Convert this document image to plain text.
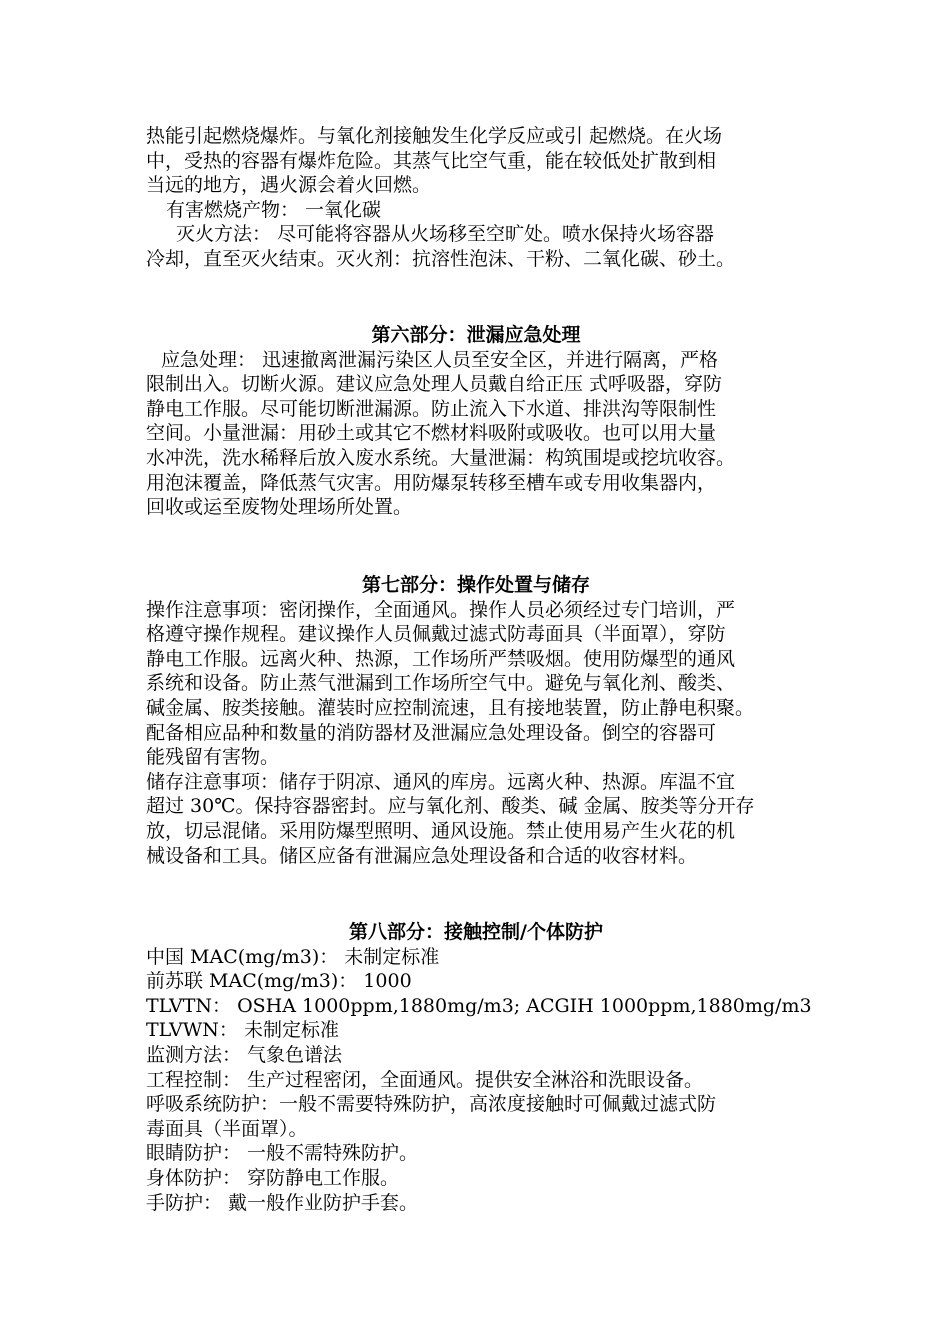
热能引起燃烧爆炸。与氧化剂接触发生化学反应或引 起燃烧。在火场
中，受热的容器有爆炸危险。其蒸气比空气重，能在较低处扩散到相
当远的地方，遇火源会着火回燃。
有害燃烧产物： 一氧化碳
灭火方法： 尽可能将容器从火场移至空旷处。喷水保持火场容器
冷却，直至灭火结束。灭火剂：抗溶性泡沫、干粉、二氧化碳、砂土。
第六部分：泄漏应急处理
应急处理： 迅速撤离泄漏污染区人员至安全区，并进行隔离，严格
限制出入。切断火源。建议应急处理人员戴自给正压 式呼吸器，穿防
静电工作服。尽可能切断泄漏源。防止流入下水道、排洪沟等限制性
空间。小量泄漏：用砂土或其它不燃材料吸附或吸收。也可以用大量
水冲洗，洗水稀释后放入废水系统。大量泄漏：构筑围堤或挖坑收容。
用泡沫覆盖，降低蒸气灾害。用防爆泵转移至槽车或专用收集器内，
回收或运至废物处理场所处置。
第七部分：操作处置与储存
操作注意事项：密闭操作，全面通风。操作人员必须经过专门培训，严
格遵守操作规程。建议操作人员佩戴过滤式防毒面具（半面罩），穿防
静电工作服。远离火种、热源，工作场所严禁吸烟。使用防爆型的通风
系统和设备。防止蒸气泄漏到工作场所空气中。避免与氧化剂、酸类、
碱金属、胺类接触。灌装时应控制流速，且有接地装置，防止静电积聚。
配备相应品种和数量的消防器材及泄漏应急处理设备。倒空的容器可
能残留有害物。
储存注意事项：储存于阴凉、通风的库房。远离火种、热源。库温不宜
超过 30℃。保持容器密封。应与氧化剂、酸类、碱 金属、胺类等分开存
放，切忌混储。采用防爆型照明、通风设施。禁止使用易产生火花的机
械设备和工具。储区应备有泄漏应急处理设备和合适的收容材料。
第八部分：接触控制/个体防护
中国 MAC(mg/m3)： 未制定标准
前苏联 MAC(mg/m3)： 1000
TLVTN： OSHA 1000ppm,1880mg/m3; ACGIH 1000ppm,1880mg/m3
TLVWN： 未制定标准
监测方法： 气象色谱法
工程控制： 生产过程密闭，全面通风。提供安全淋浴和洗眼设备。
呼吸系统防护：一般不需要特殊防护，高浓度接触时可佩戴过滤式防
毒面具（半面罩）。
眼睛防护： 一般不需特殊防护。
身体防护： 穿防静电工作服。
手防护： 戴一般作业防护手套。
